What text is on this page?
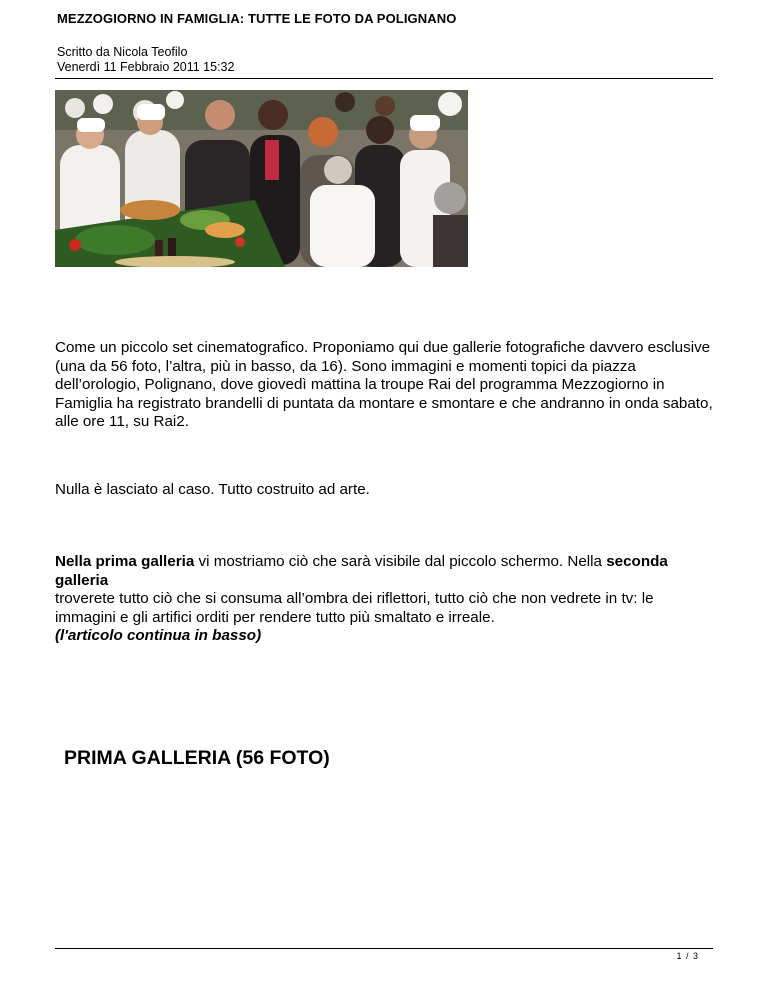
MEZZOGIORNO IN FAMIGLIA: TUTTE LE FOTO DA POLIGNANO
Scritto da Nicola Teofilo
Venerdì 11 Febbraio 2011 15:32
Come un piccolo set cinematografico. Proponiamo qui due gallerie fotografiche davvero esclusive (una da 56 foto, l’altra, più in basso, da 16). Sono immagini e momenti topici da piazza dell’orologio, Polignano, dove giovedì mattina la troupe Rai del programma Mezzogiorno in Famiglia ha registrato brandelli di puntata da montare e smontare e che andranno in onda sabato, alle ore 11, su Rai2.
Nulla è lasciato al caso. Tutto costruito ad arte.
Nella prima galleria vi mostriamo ciò che sarà visibile dal piccolo schermo. Nella seconda galleria
troverete tutto ciò che si consuma all’ombra dei riflettori, tutto ciò che non vedrete in tv: le immagini e gli artifici orditi per rendere tutto più smaltato e irreale.
(l'articolo continua in basso)
PRIMA GALLERIA (56 FOTO)
1 / 3
